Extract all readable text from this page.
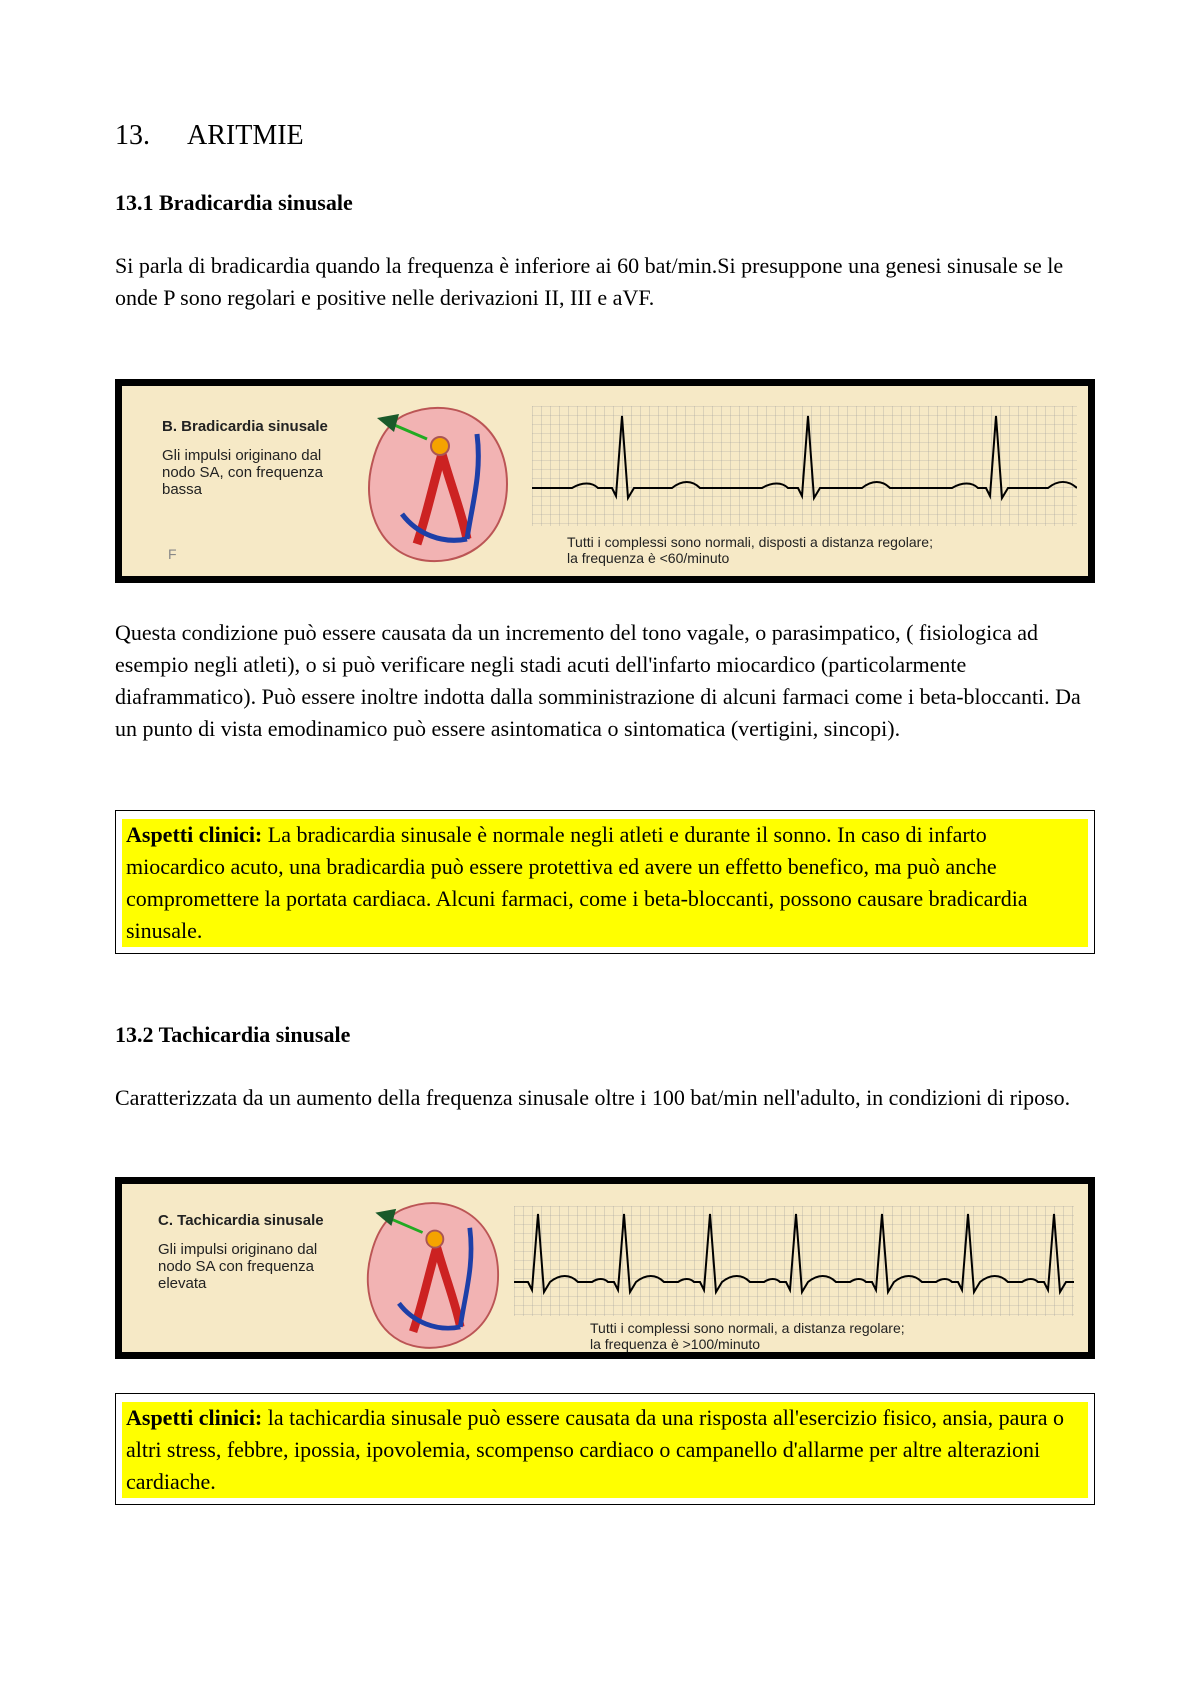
13. ARITMIE
13.1 Bradicardia sinusale

Si parla di bradicardia quando la frequenza è inferiore ai 60 bat/min.Si presuppone una genesi sinusale se le onde P sono regolari e positive nelle derivazioni II, III e aVF.

B. Bradicardia sinusale
Gli impulsi originano dal nodo SA, con frequenza bassa
F
Tutti i complessi sono normali, disposti a distanza regolare;
la frequenza è <60/minuto

Questa condizione può essere causata da un incremento del tono vagale, o parasimpatico, ( fisiologica ad esempio negli atleti), o si può verificare negli stadi acuti dell'infarto miocardico (particolarmente diaframmatico). Può essere inoltre indotta dalla somministrazione di alcuni farmaci come i beta-bloccanti. Da un punto di vista emodinamico può essere asintomatica o sintomatica (vertigini, sincopi).

Aspetti clinici: La bradicardia sinusale è normale negli atleti e durante il sonno. In caso di infarto miocardico acuto, una bradicardia può essere protettiva ed avere un effetto benefico, ma può anche compromettere la portata cardiaca. Alcuni farmaci, come i beta-bloccanti, possono causare bradicardia sinusale.

13.2 Tachicardia sinusale

Caratterizzata da un aumento della frequenza sinusale oltre i 100 bat/min nell'adulto, in condizioni di riposo.

C. Tachicardia sinusale
Gli impulsi originano dal nodo SA con frequenza elevata
Tutti i complessi sono normali, a distanza regolare;
la frequenza è >100/minuto

Aspetti clinici: la tachicardia sinusale può essere causata da una risposta all'esercizio fisico, ansia, paura o altri stress, febbre, ipossia, ipovolemia, scompenso cardiaco o campanello d'allarme per altre alterazioni cardiache.
